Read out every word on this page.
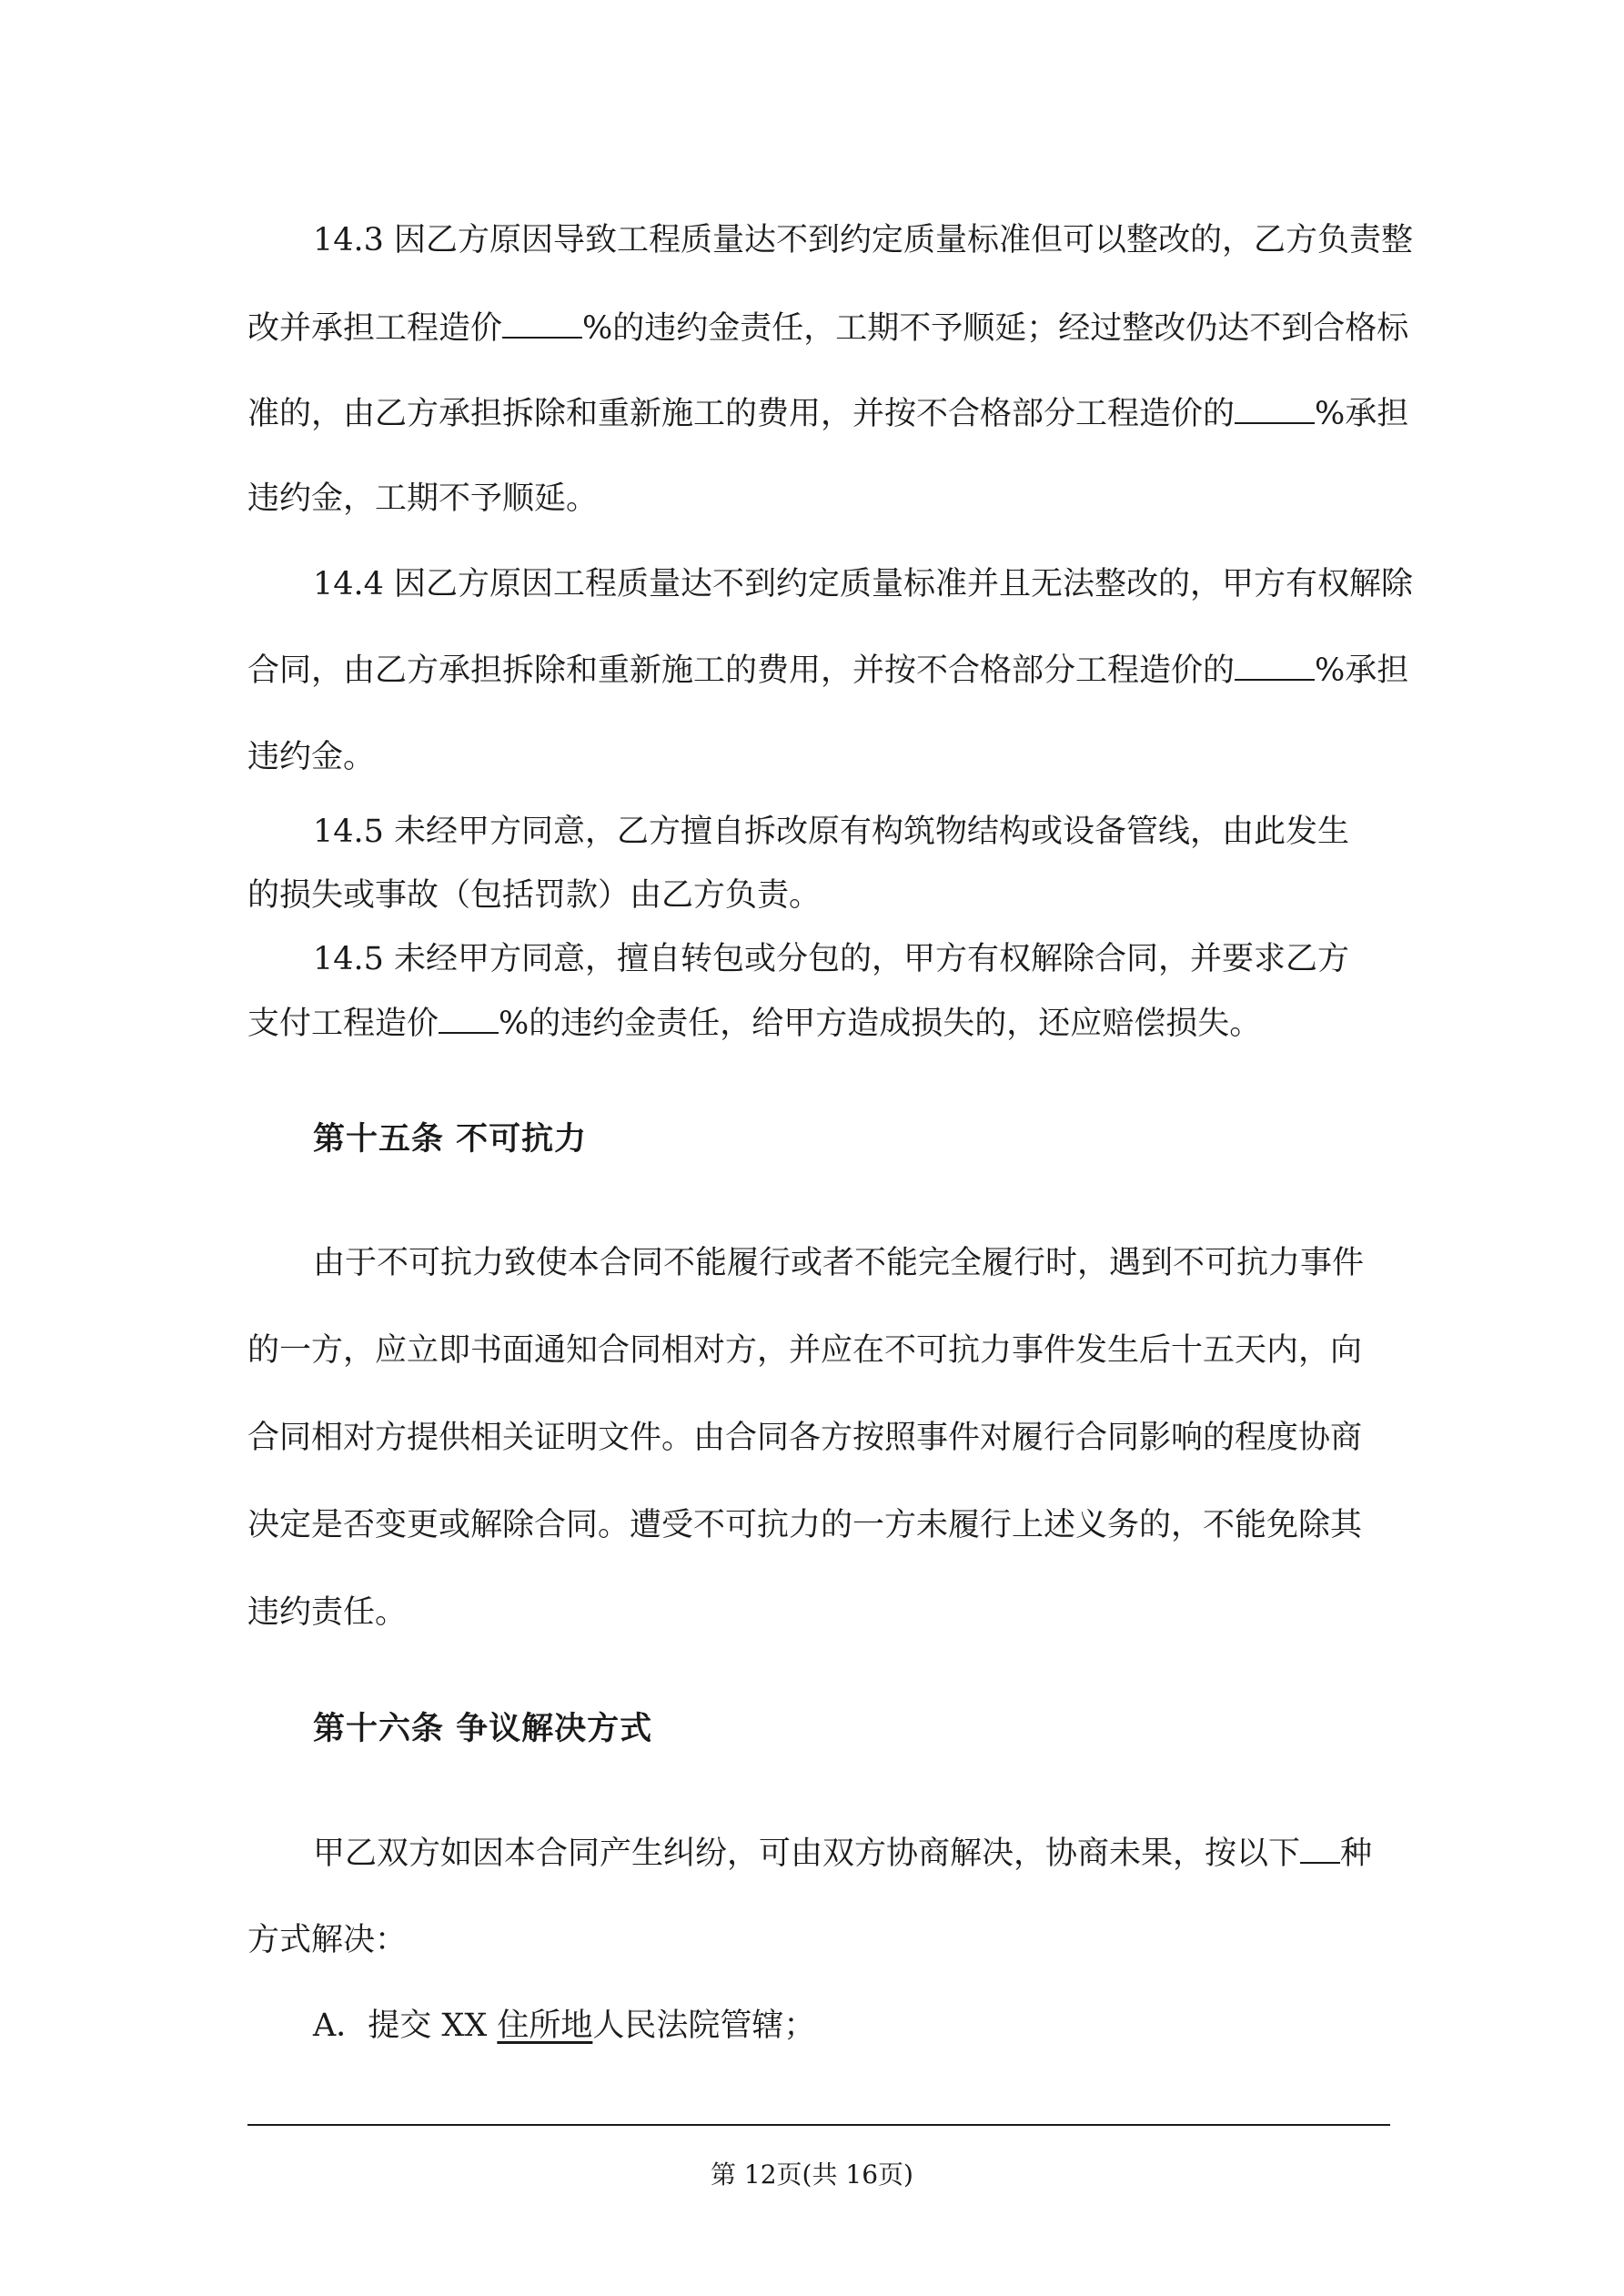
14.3 因乙方原因导致工程质量达不到约定质量标准但可以整改的，乙方负责整
改并承担工程造价	%的违约金责任，工期不予顺延；经过整改仍达不到合格标
准的，由乙方承担拆除和重新施工的费用，并按不合格部分工程造价的	%承担
违约金，工期不予顺延。
14.4 因乙方原因工程质量达不到约定质量标准并且无法整改的，甲方有权解除
合同，由乙方承担拆除和重新施工的费用，并按不合格部分工程造价的	%承担
违约金。
14.5 未经甲方同意，乙方擅自拆改原有构筑物结构或设备管线，由此发生
的损失或事故（包括罚款）由乙方负责。
14.5 未经甲方同意，擅自转包或分包的，甲方有权解除合同，并要求乙方
支付工程造价 %的违约金责任，给甲方造成损失的，还应赔偿损失。
第十五条 不可抗力
由于不可抗力致使本合同不能履行或者不能完全履行时，遇到不可抗力事件
的一方，应立即书面通知合同相对方，并应在不可抗力事件发生后十五天内，向
合同相对方提供相关证明文件。由合同各方按照事件对履行合同影响的程度协商
决定是否变更或解除合同。遭受不可抗力的一方未履行上述义务的，不能免除其
违约责任。
第十六条 争议解决方式
甲乙双方如因本合同产生纠纷，可由双方协商解决，协商未果，按以下 种
方式解决：
A．提交 XX 住所地人民法院管辖；
第 12页(共 16页)
